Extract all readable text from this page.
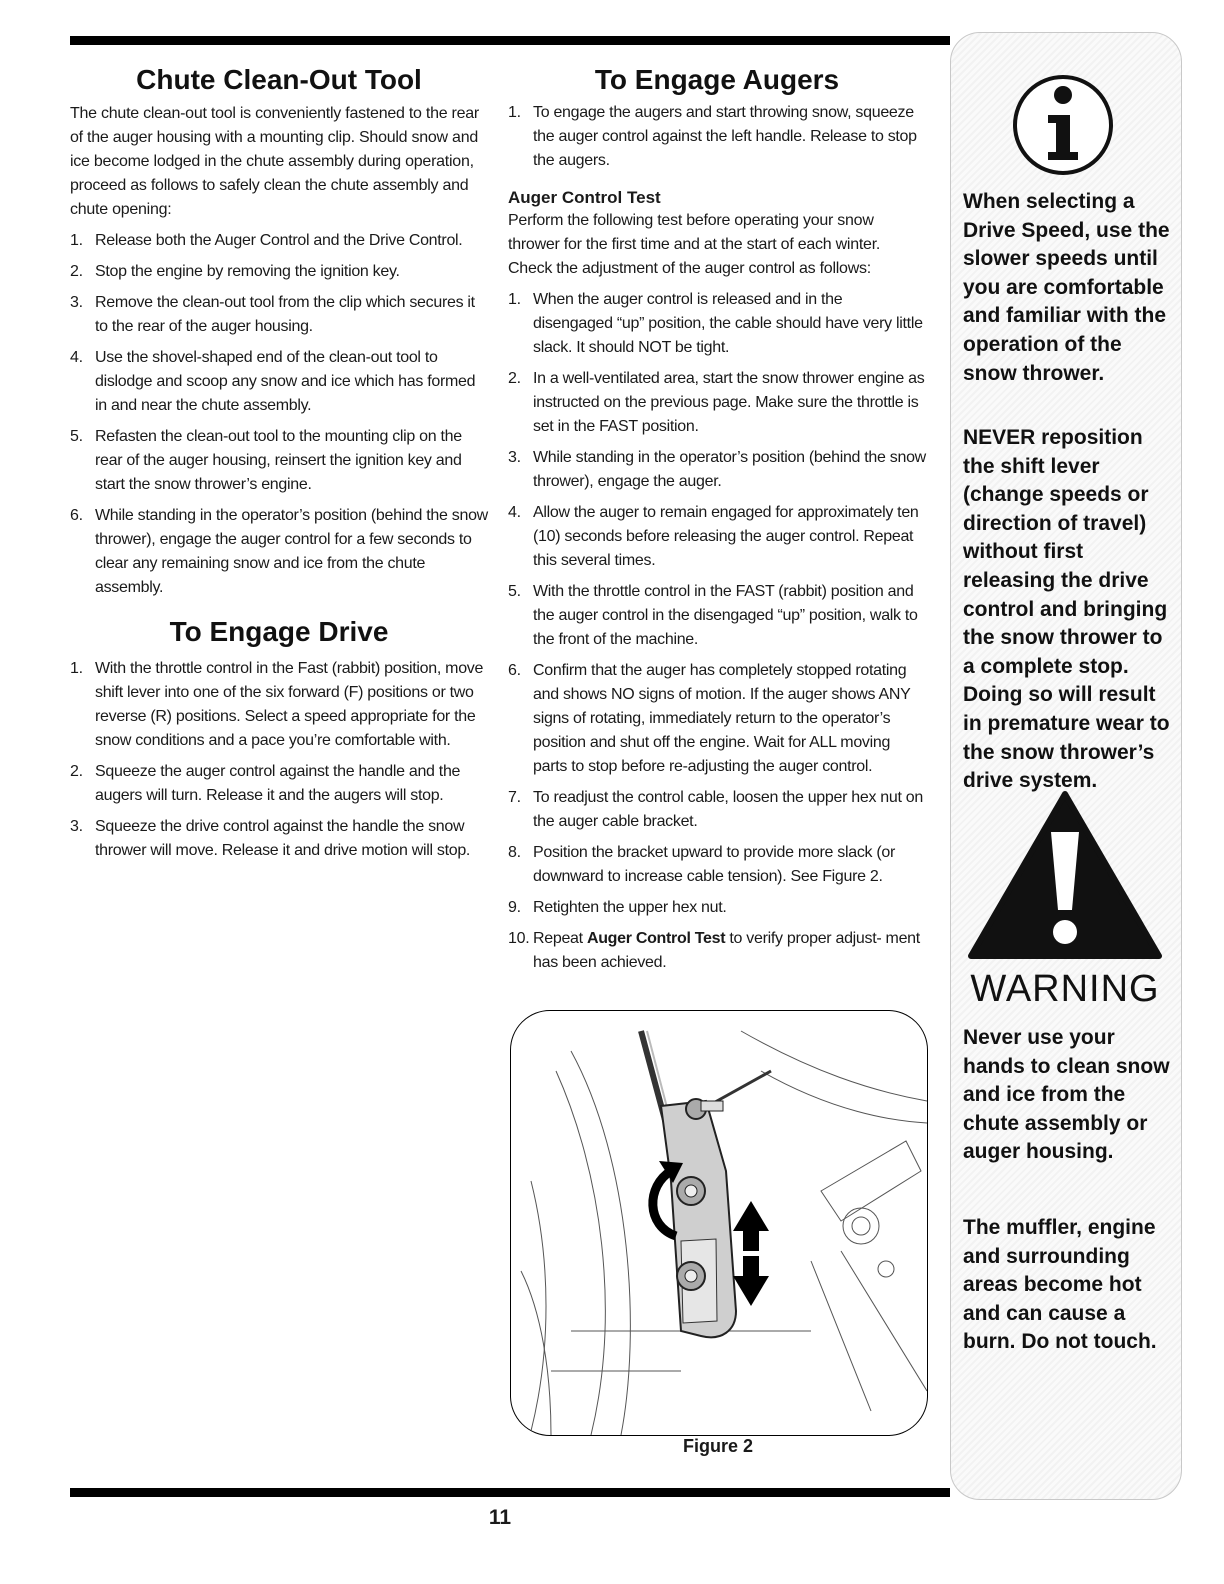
Chute Clean-Out Tool

The chute clean-out tool is conveniently fastened to the rear of the auger housing with a mounting clip. Should snow and ice become lodged in the chute assembly during operation, proceed as follows to safely clean the chute assembly and chute opening:

1. Release both the Auger Control and the Drive Control.
2. Stop the engine by removing the ignition key.
3. Remove the clean-out tool from the clip which secures it to the rear of the auger housing.
4. Use the shovel-shaped end of the clean-out tool to dislodge and scoop any snow and ice which has formed in and near the chute assembly.
5. Refasten the clean-out tool to the mounting clip on the rear of the auger housing, reinsert the ignition key and start the snow thrower’s engine.
6. While standing in the operator’s position (behind the snow thrower), engage the auger control for a few seconds to clear any remaining snow and ice from the chute assembly.
To Engage Drive
1. With the throttle control in the Fast (rabbit) position, move shift lever into one of the six forward (F) positions or two reverse (R) positions. Select a speed appropriate for the snow conditions and a pace you’re comfortable with.
2. Squeeze the auger control against the handle and the augers will turn. Release it and the augers will stop.
3. Squeeze the drive control against the handle the snow thrower will move. Release it and drive motion will stop.
To Engage Augers
1. To engage the augers and start throwing snow, squeeze the auger control against the left handle. Release to stop the augers.
Auger Control Test

Perform the following test before operating your snow thrower for the first time and at the start of each winter. Check the adjustment of the auger control as follows:

1. When the auger control is released and in the disengaged “up” position, the cable should have very little slack. It should NOT be tight.
2. In a well-ventilated area, start the snow thrower engine as instructed on the previous page. Make sure the throttle is set in the FAST position.
3. While standing in the operator’s position (behind the snow thrower), engage the auger.
4. Allow the auger to remain engaged for approximately ten (10) seconds before releasing the auger control. Repeat this several times.
5. With the throttle control in the FAST (rabbit) position and the auger control in the disengaged “up” position, walk to the front of the machine.
6. Confirm that the auger has completely stopped rotating and shows NO signs of motion. If the auger shows ANY signs of rotating, immediately return to the operator’s position and shut off the engine. Wait for ALL moving parts to stop before re-adjusting the auger control.
7. To readjust the control cable, loosen the upper hex nut on the auger cable bracket.
8. Position the bracket upward to provide more slack (or downward to increase cable tension). See Figure 2.
9. Retighten the upper hex nut.
10. Repeat Auger Control Test to verify proper adjust- ment has been achieved.
Figure 2
When selecting a Drive Speed, use the slower speeds until you are comfortable and familiar with the operation of the snow thrower.
NEVER reposition the shift lever (change speeds or direction of travel) without first releasing the drive control and bringing the snow thrower to a complete stop. Doing so will result in premature wear to the snow thrower’s drive system.
WARNING
Never use your hands to clean snow and ice from the chute assembly or auger housing.
The muffler, engine and surrounding areas become hot and can cause a burn. Do not touch.
11
